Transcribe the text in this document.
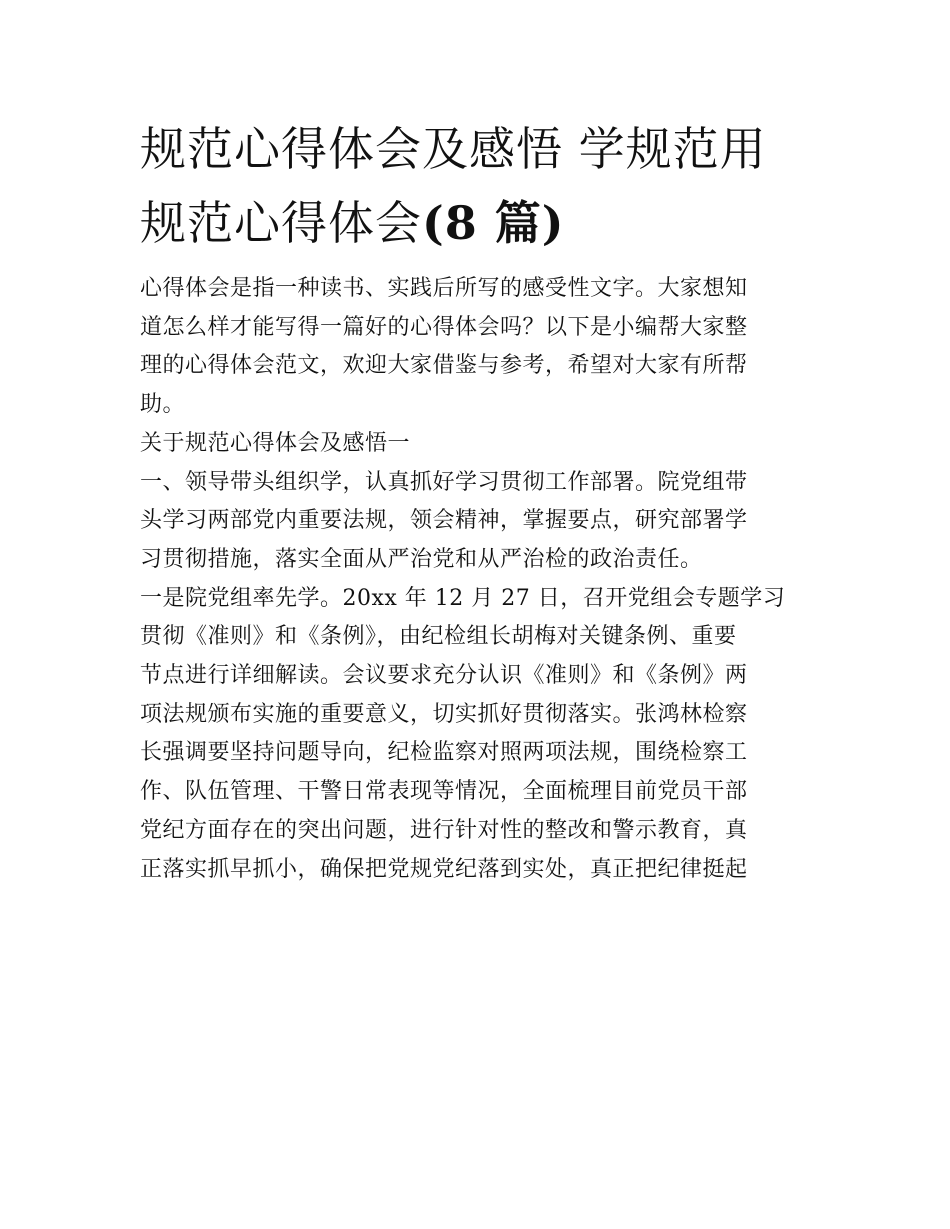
规范心得体会及感悟 学规范用
规范心得体会(8 篇)
心得体会是指一种读书、实践后所写的感受性文字。大家想知
道怎么样才能写得一篇好的心得体会吗？以下是小编帮大家整
理的心得体会范文，欢迎大家借鉴与参考，希望对大家有所帮
助。
关于规范心得体会及感悟一
一、领导带头组织学，认真抓好学习贯彻工作部署。院党组带
头学习两部党内重要法规，领会精神，掌握要点，研究部署学
习贯彻措施，落实全面从严治党和从严治检的政治责任。
一是院党组率先学。20xx 年 12 月 27 日，召开党组会专题学习
贯彻《准则》和《条例》，由纪检组长胡梅对关键条例、重要
节点进行详细解读。会议要求充分认识《准则》和《条例》两
项法规颁布实施的重要意义，切实抓好贯彻落实。张鸿林检察
长强调要坚持问题导向，纪检监察对照两项法规，围绕检察工
作、队伍管理、干警日常表现等情况，全面梳理目前党员干部
党纪方面存在的突出问题，进行针对性的整改和警示教育，真
正落实抓早抓小，确保把党规党纪落到实处，真正把纪律挺起
